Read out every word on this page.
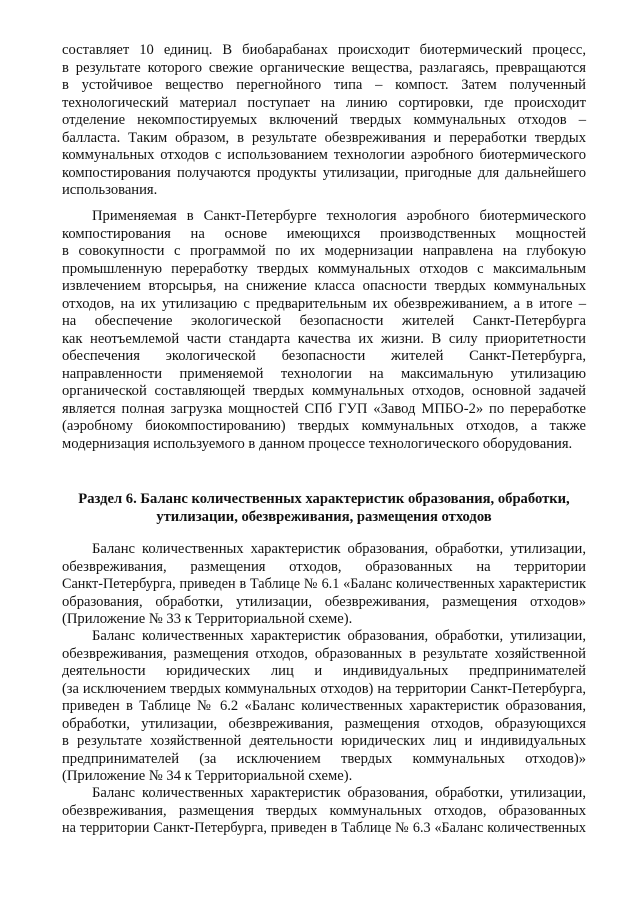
составляет 10 единиц. В биобарабанах происходит биотермический процесс,
в результате которого свежие органические вещества, разлагаясь, превращаются
в устойчивое вещество перегнойного типа – компост. Затем полученный
технологический материал поступает на линию сортировки, где происходит
отделение некомпостируемых включений твердых коммунальных отходов –
балласта. Таким образом, в результате обезвреживания и переработки твердых
коммунальных отходов с использованием технологии аэробного биотермического
компостирования получаются продукты утилизации, пригодные для дальнейшего
использования.
Применяемая в Санкт-Петербурге технология аэробного биотермического
компостирования на основе имеющихся производственных мощностей
в совокупности с программой по их модернизации направлена на глубокую
промышленную переработку твердых коммунальных отходов с максимальным
извлечением вторсырья, на снижение класса опасности твердых коммунальных
отходов, на их утилизацию с предварительным их обезвреживанием, а в итоге –
на обеспечение экологической безопасности жителей Санкт-Петербурга
как неотъемлемой части стандарта качества их жизни. В силу приоритетности
обеспечения экологической безопасности жителей Санкт-Петербурга,
направленности применяемой технологии на максимальную утилизацию
органической составляющей твердых коммунальных отходов, основной задачей
является полная загрузка мощностей СПб ГУП «Завод МПБО-2» по переработке
(аэробному биокомпостированию) твердых коммунальных отходов, а также
модернизация используемого в данном процессе технологического оборудования.
Раздел 6. Баланс количественных характеристик образования, обработки,
утилизации, обезвреживания, размещения отходов
Баланс количественных характеристик образования, обработки, утилизации,
обезвреживания, размещения отходов, образованных на территории
Санкт-Петербурга, приведен в Таблице № 6.1 «Баланс количественных характеристик
образования, обработки, утилизации, обезвреживания, размещения отходов»
(Приложение № 33 к Территориальной схеме).
Баланс количественных характеристик образования, обработки, утилизации,
обезвреживания, размещения отходов, образованных в результате хозяйственной
деятельности юридических лиц и индивидуальных предпринимателей
(за исключением твердых коммунальных отходов) на территории Санкт-Петербурга,
приведен в Таблице № 6.2 «Баланс количественных характеристик образования,
обработки, утилизации, обезвреживания, размещения отходов, образующихся
в результате хозяйственной деятельности юридических лиц и индивидуальных
предпринимателей (за исключением твердых коммунальных отходов)»
(Приложение № 34 к Территориальной схеме).
Баланс количественных характеристик образования, обработки, утилизации,
обезвреживания, размещения твердых коммунальных отходов, образованных
на территории Санкт-Петербурга, приведен в Таблице № 6.3 «Баланс количественных
